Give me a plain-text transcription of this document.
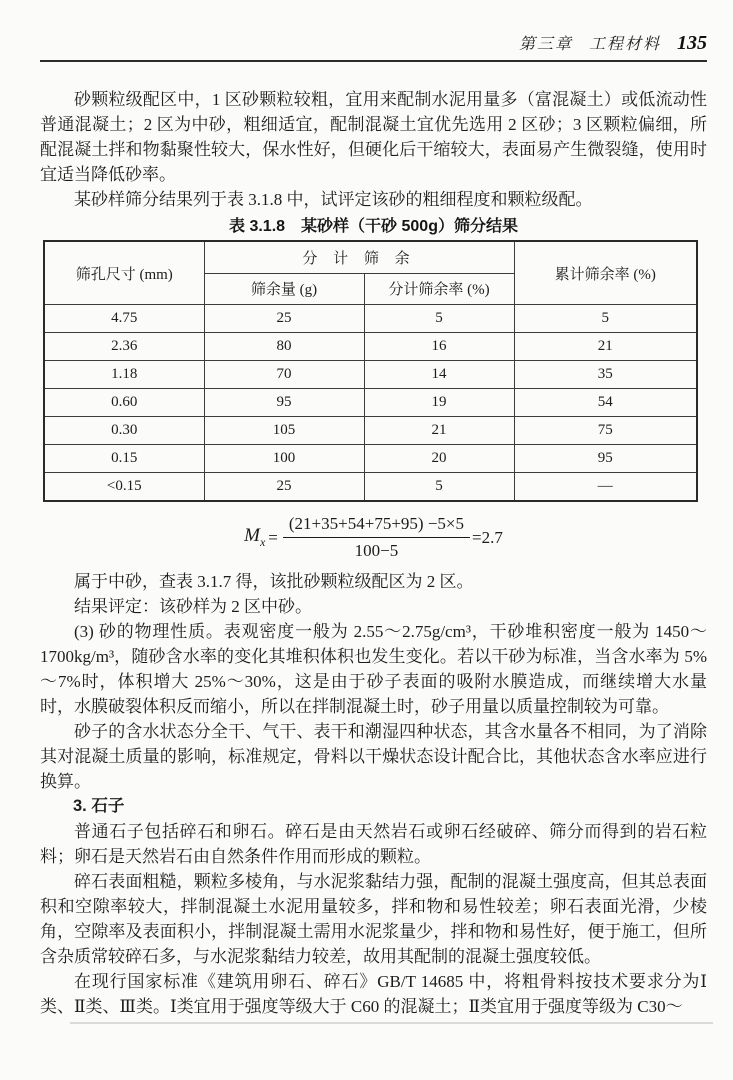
第三章 工程材料 135

砂颗粒级配区中，1 区砂颗粒较粗，宜用来配制水泥用量多（富混凝土）或低流动性普通混凝土；2 区为中砂，粗细适宜，配制混凝土宜优先选用 2 区砂；3 区颗粒偏细，所配混凝土拌和物黏聚性较大，保水性好，但硬化后干缩较大，表面易产生微裂缝，使用时宜适当降低砂率。

某砂样筛分结果列于表 3.1.8 中，试评定该砂的粗细程度和颗粒级配。

表 3.1.8　某砂样（干砂 500g）筛分结果
筛孔尺寸 (mm)	分 计 筛 余		累计筛余率 (%)
	筛余量 (g)	分计筛余率 (%)	
4.75	25	5	5
2.36	80	16	21
1.18	70	14	35
0.60	95	19	54
0.30	105	21	75
0.15	100	20	95
<0.15	25	5	—
$M_x = \frac{(21+35+54+75+95) -5\times 5}{100-5} =2.7$

属于中砂，查表 3.1.7 得，该批砂颗粒级配区为 2 区。

结果评定：该砂样为 2 区中砂。

(3) 砂的物理性质。表观密度一般为 2.55～2.75g/cm³，干砂堆积密度一般为 1450～1700kg/m³，随砂含水率的变化其堆积体积也发生变化。若以干砂为标准，当含水率为 5%～7%时，体积增大 25%～30%，这是由于砂子表面的吸附水膜造成，而继续增大水量时，水膜破裂体积反而缩小，所以在拌制混凝土时，砂子用量以质量控制较为可靠。

砂子的含水状态分全干、气干、表干和潮湿四种状态，其含水量各不相同，为了消除其对混凝土质量的影响，标准规定，骨料以干燥状态设计配合比，其他状态含水率应进行换算。

3. 石子

普通石子包括碎石和卵石。碎石是由天然岩石或卵石经破碎、筛分而得到的岩石粒料；卵石是天然岩石由自然条件作用而形成的颗粒。

碎石表面粗糙，颗粒多棱角，与水泥浆黏结力强，配制的混凝土强度高，但其总表面积和空隙率较大，拌制混凝土水泥用量较多，拌和物和易性较差；卵石表面光滑，少棱角，空隙率及表面积小，拌制混凝土需用水泥浆量少，拌和物和易性好，便于施工，但所含杂质常较碎石多，与水泥浆黏结力较差，故用其配制的混凝土强度较低。

在现行国家标准《建筑用卵石、碎石》GB/T 14685 中，将粗骨料按技术要求分为Ⅰ类、Ⅱ类、Ⅲ类。Ⅰ类宜用于强度等级大于 C60 的混凝土；Ⅱ类宜用于强度等级为 C30～
